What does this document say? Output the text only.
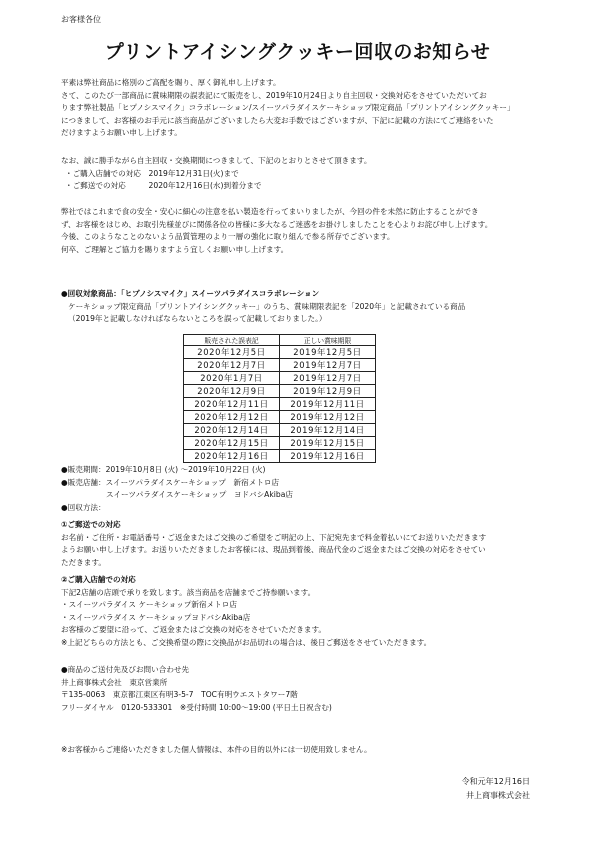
お客様各位
プリントアイシングクッキー回収のお知らせ
平素は弊社商品に格別のご高配を賜り、厚く御礼申し上げます。
さて、このたび一部商品に賞味期限の誤表記にて販売をし、2019年10月24日より自主回収・交換対応をさせていただいてお
ります弊社製品「ヒプノシスマイク」コラボレーション/スイーツパラダイスケーキショップ限定商品「プリントアイシングクッキー」
につきまして、お客様のお手元に該当商品がございましたら大変お手数ではございますが、下記に記載の方法にてご連絡をいた
だけますようお願い申し上げます。
なお、誠に勝手ながら自主回収・交換期間につきまして、下記のとおりとさせて頂きます。
・ご購入店舗での対応　2019年12月31日(火)まで
・ご郵送での対応　　　2020年12月16日(水)到着分まで
弊社ではこれまで食の安全・安心に細心の注意を払い製造を行ってまいりましたが、今回の件を未然に防止することができ
ず、お客様をはじめ、お取引先様並びに関係各位の皆様に多大なるご迷惑をお掛けしましたことを心よりお詫び申し上げます。
今後、このようなことのないよう品質管理のより一層の強化に取り組んで参る所存でございます。
何卒、ご理解とご協力を賜りますよう宜しくお願い申し上げます。
●回収対象商品：「ヒプノシスマイク」スイーツパラダイスコラボレーション
ケーキショップ限定商品「プリントアイシングクッキー」のうち、賞味期限表記を「2020年」と記載されている商品
（2019年と記載しなければならないところを誤って記載しておりました。）
販売された誤表記	正しい賞味期限
2020年12月5日	2019年12月5日
2020年12月7日	2019年12月7日
2020年1月7日	2019年12月7日
2020年12月9日	2019年12月9日
2020年12月11日	2019年12月11日
2020年12月12日	2019年12月12日
2020年12月14日	2019年12月14日
2020年12月15日	2019年12月15日
2020年12月16日	2019年12月16日
●販売期間：2019年10月8日 (火) ～2019年10月22日 (火)
●販売店舗：スイーツパラダイスケーキショップ　新宿メトロ店
スイーツパラダイスケーキショップ　ヨドバシAkiba店
●回収方法：
①ご郵送での対応
お名前・ご住所・お電話番号・ご返金またはご交換のご希望をご明記の上、下記宛先まで料金着払いにてお送りいただきます
ようお願い申し上げます。お送りいただきましたお客様には、現品到着後、商品代金のご返金またはご交換の対応をさせてい
ただきます。
②ご購入店舗での対応
下記2店舗の店頭で承りを致します。該当商品を店舗までご持参願います。
・スイーツパラダイス ケーキショップ新宿メトロ店
・スイーツパラダイス ケーキショップヨドバシAkiba店
お客様のご要望に沿って、ご返金またはご交換の対応をさせていただきます。
※上記どちらの方法とも、ご交換希望の際に交換品がお品切れの場合は、後日ご郵送をさせていただきます。
●商品のご送付先及びお問い合わせ先
井上商事株式会社　東京営業所
〒135-0063　東京都江東区有明3-5-7　TOC有明ウエストタワー7階
フリーダイヤル　0120-533301　※受付時間 10:00～19:00 (平日土日祝含む)
※お客様からご連絡いただきました個人情報は、本件の目的以外には一切使用致しません。
令和元年12月16日
井上商事株式会社
